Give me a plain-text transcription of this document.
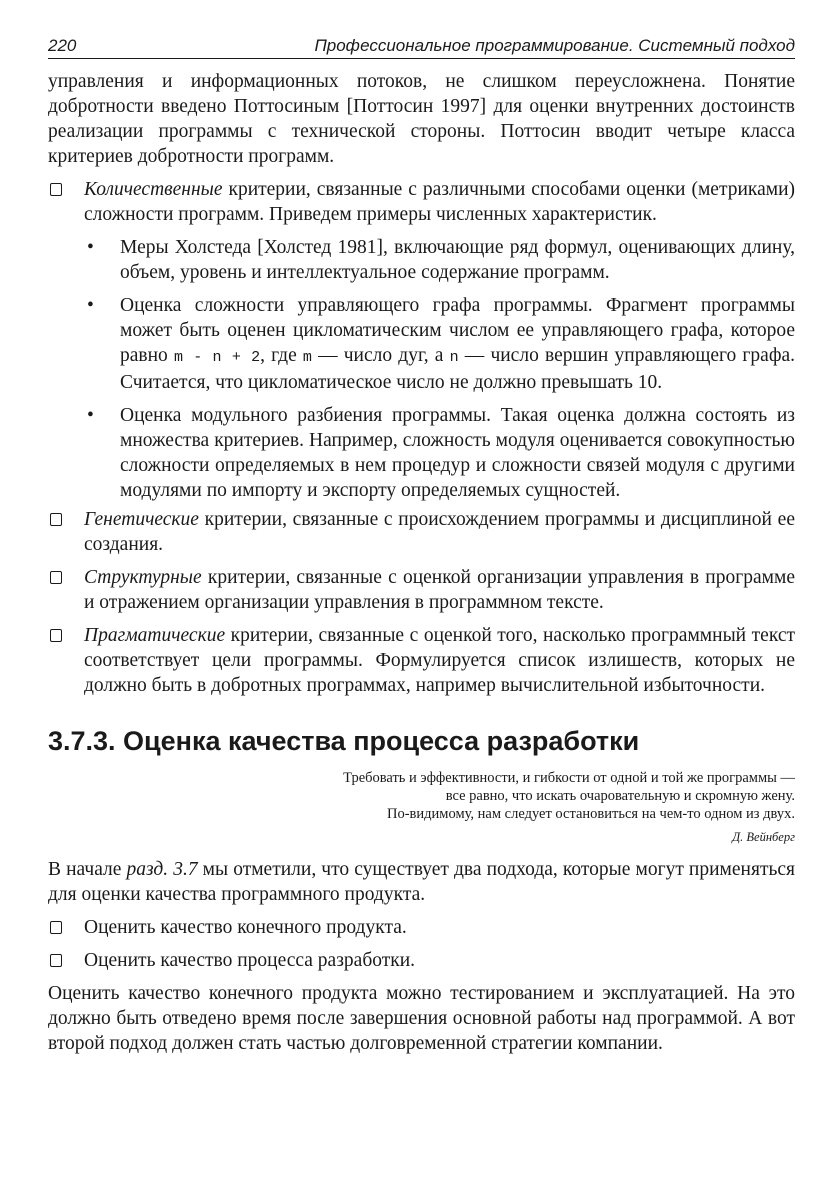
220	Профессиональное программирование. Системный подход

управления и информационных потоков, не слишком переусложнена. Понятие добротности введено Поттосиным [Поттосин 1997] для оценки внутренних достоинств реализации программы с технической стороны. Поттосин вводит четыре класса критериев добротности программ.

Количественные критерии, связанные с различными способами оценки (метриками) сложности программ. Приведем примеры численных характеристик.
• Меры Холстеда [Холстед 1981], включающие ряд формул, оценивающих длину, объем, уровень и интеллектуальное содержание программ.
• Оценка сложности управляющего графа программы. Фрагмент программы может быть оценен цикломатическим числом ее управляющего графа, которое равно m - n + 2, где m — число дуг, а n — число вершин управляющего графа. Считается, что цикломатическое число не должно превышать 10.
• Оценка модульного разбиения программы. Такая оценка должна состоять из множества критериев. Например, сложность модуля оценивается совокупностью сложности определяемых в нем процедур и сложности связей модуля с другими модулями по импорту и экспорту определяемых сущностей.
Генетические критерии, связанные с происхождением программы и дисциплиной ее создания.
Структурные критерии, связанные с оценкой организации управления в программе и отражением организации управления в программном тексте.
Прагматические критерии, связанные с оценкой того, насколько программный текст соответствует цели программы. Формулируется список излишеств, которых не должно быть в добротных программах, например вычислительной избыточности.
3.7.3. Оценка качества процесса разработки
Требовать и эффективности, и гибкости от одной и той же программы —
все равно, что искать очаровательную и скромную жену.
По-видимому, нам следует остановиться на чем-то одном из двух.
Д. Вейнберг

В начале разд. 3.7 мы отметили, что существует два подхода, которые могут применяться для оценки качества программного продукта.

Оценить качество конечного продукта.
Оценить качество процесса разработки.

Оценить качество конечного продукта можно тестированием и эксплуатацией. На это должно быть отведено время после завершения основной работы над программой. А вот второй подход должен стать частью долговременной стратегии компании.
